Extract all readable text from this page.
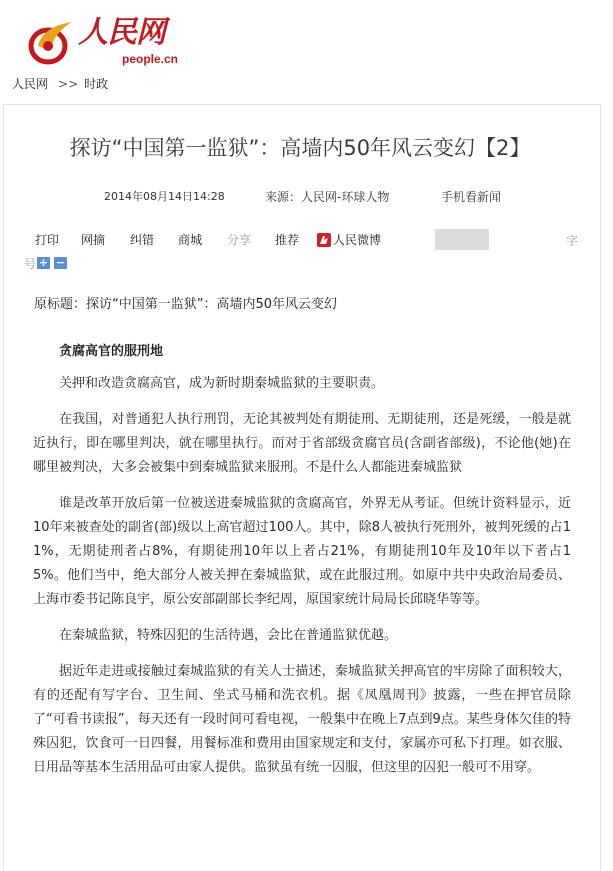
人民网
people.cn
人民网 >> 时政
探访“中国第一监狱”：高墙内50年风云变幻【2】
2014年08月14日14:28	来源：人民网-环球人物	手机看新闻
打印 网摘 纠错 商城 分享 推荐	人民微博	字
号 + −
原标题：探访“中国第一监狱”：高墙内50年风云变幻

贪腐高官的服刑地

关押和改造贪腐高官，成为新时期秦城监狱的主要职责。

在我国，对普通犯人执行刑罚，无论其被判处有期徒刑、无期徒刑，还是死缓，一般是就近执行，即在哪里判决，就在哪里执行。而对于省部级贪腐官员(含副省部级)，不论他(她)在哪里被判决，大多会被集中到秦城监狱来服刑。不是什么人都能进秦城监狱

谁是改革开放后第一位被送进秦城监狱的贪腐高官，外界无从考证。但统计资料显示，近10年来被查处的副省(部)级以上高官超过100人。其中，除8人被执行死刑外，被判死缓的占11%，无期徒刑者占8%，有期徒刑10年以上者占21%，有期徒刑10年及10年以下者占15%。他们当中，绝大部分人被关押在秦城监狱，或在此服过刑。如原中共中央政治局委员、上海市委书记陈良宇，原公安部副部长李纪周，原国家统计局局长邱晓华等等。

在秦城监狱，特殊囚犯的生活待遇，会比在普通监狱优越。

据近年走进或接触过秦城监狱的有关人士描述，秦城监狱关押高官的牢房除了面积较大，有的还配有写字台、卫生间、坐式马桶和洗衣机。据《凤凰周刊》披露，一些在押官员除了“可看书读报”，每天还有一段时间可看电视，一般集中在晚上7点到9点。某些身体欠佳的特殊囚犯，饮食可一日四餐，用餐标准和费用由国家规定和支付，家属亦可私下打理。如衣服、日用品等基本生活用品可由家人提供。监狱虽有统一囚服，但这里的囚犯一般可不用穿。
